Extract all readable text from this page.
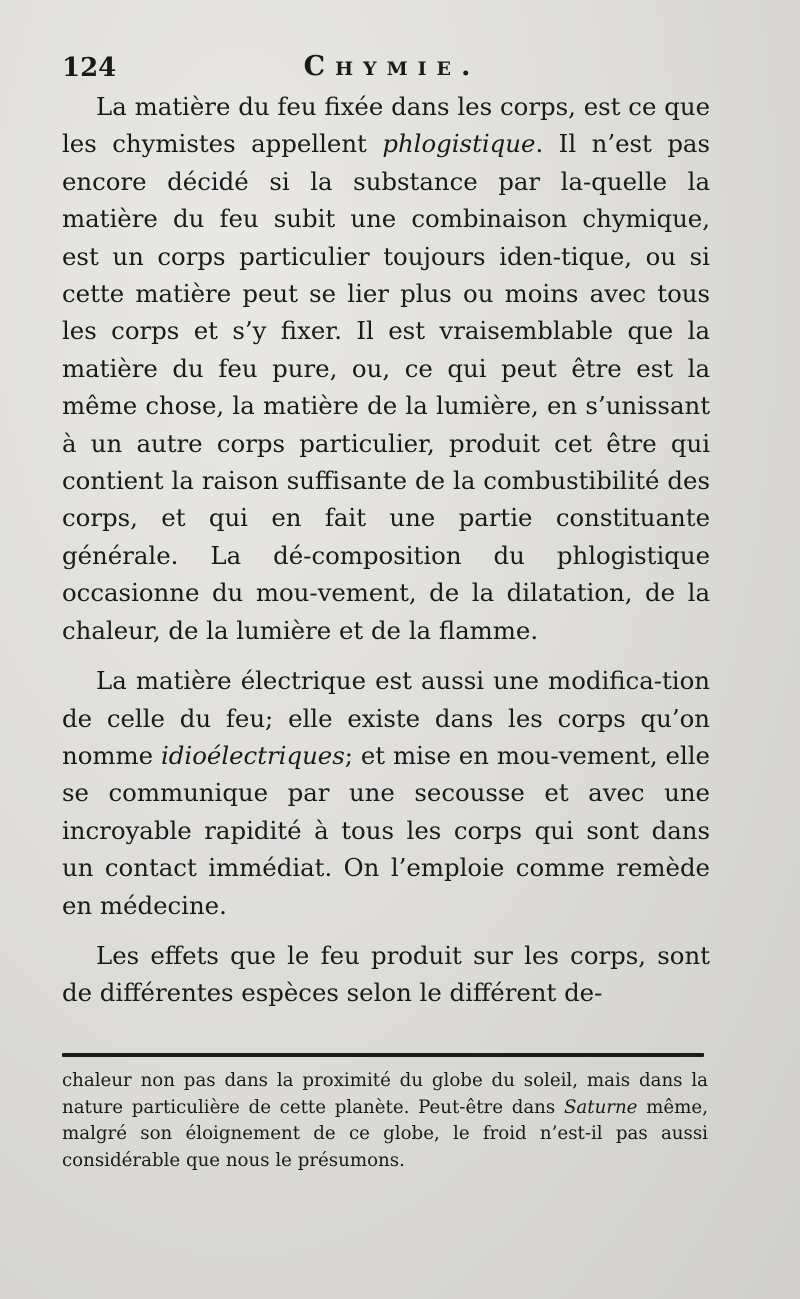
124	Chymie.

La matière du feu fixée dans les corps, est ce que les chymistes appellent phlogistique. Il n’est pas encore décidé si la substance par la-quelle la matière du feu subit une combinaison chymique, est un corps particulier toujours iden-tique, ou si cette matière peut se lier plus ou moins avec tous les corps et s’y fixer. Il est vraisemblable que la matière du feu pure, ou, ce qui peut être est la même chose, la matière de la lumière, en s’unissant à un autre corps particulier, produit cet être qui contient la raison suffisante de la combustibilité des corps, et qui en fait une partie constituante générale. La dé-composition du phlogistique occasionne du mou-vement, de la dilatation, de la chaleur, de la lumière et de la flamme.

La matière électrique est aussi une modifica-tion de celle du feu; elle existe dans les corps qu’on nomme idioélectriques; et mise en mou-vement, elle se communique par une secousse et avec une incroyable rapidité à tous les corps qui sont dans un contact immédiat. On l’emploie comme remède en médecine.

Les effets que le feu produit sur les corps, sont de différentes espèces selon le différent de-

chaleur non pas dans la proximité du globe du soleil, mais dans la nature particulière de cette planète. Peut-être dans Saturne même, malgré son éloignement de ce globe, le froid n’est-il pas aussi considérable que nous le présumons.
